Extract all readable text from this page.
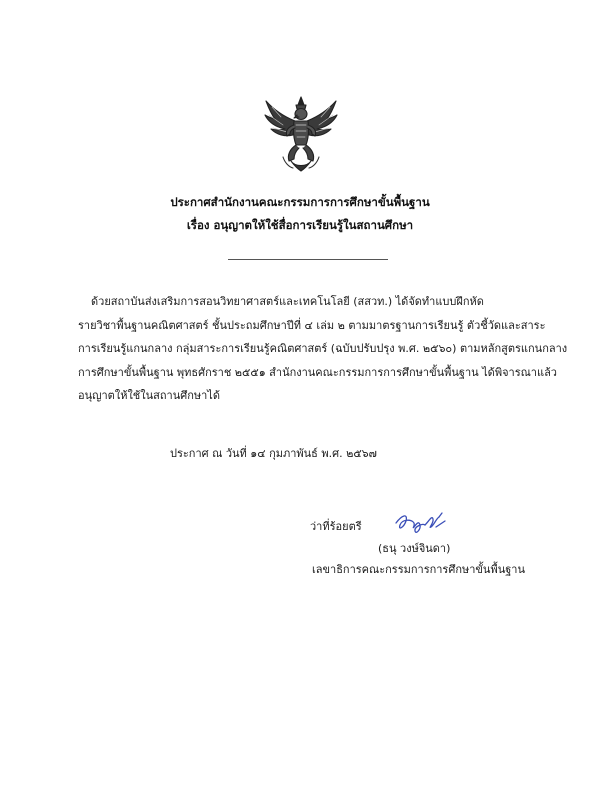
ประกาศสำนักงานคณะกรรมการการศึกษาขั้นพื้นฐาน
เรื่อง อนุญาตให้ใช้สื่อการเรียนรู้ในสถานศึกษา
ด้วยสถาบันส่งเสริมการสอนวิทยาศาสตร์และเทคโนโลยี (สสวท.) ได้จัดทำแบบฝึกหัด
รายวิชาพื้นฐานคณิตศาสตร์ ชั้นประถมศึกษาปีที่ ๔ เล่ม ๒ ตามมาตรฐานการเรียนรู้ ตัวชี้วัดและสาระ
การเรียนรู้แกนกลาง กลุ่มสาระการเรียนรู้คณิตศาสตร์ (ฉบับปรับปรุง พ.ศ. ๒๕๖๐) ตามหลักสูตรแกนกลาง
การศึกษาขั้นพื้นฐาน พุทธศักราช ๒๕๕๑ สำนักงานคณะกรรมการการศึกษาขั้นพื้นฐาน ได้พิจารณาแล้ว
อนุญาตให้ใช้ในสถานศึกษาได้
ประกาศ ณ วันที่ ๑๔ กุมภาพันธ์ พ.ศ. ๒๕๖๗
ว่าที่ร้อยตรี
(ธนุ วงษ์จินดา)
เลขาธิการคณะกรรมการการศึกษาขั้นพื้นฐาน
